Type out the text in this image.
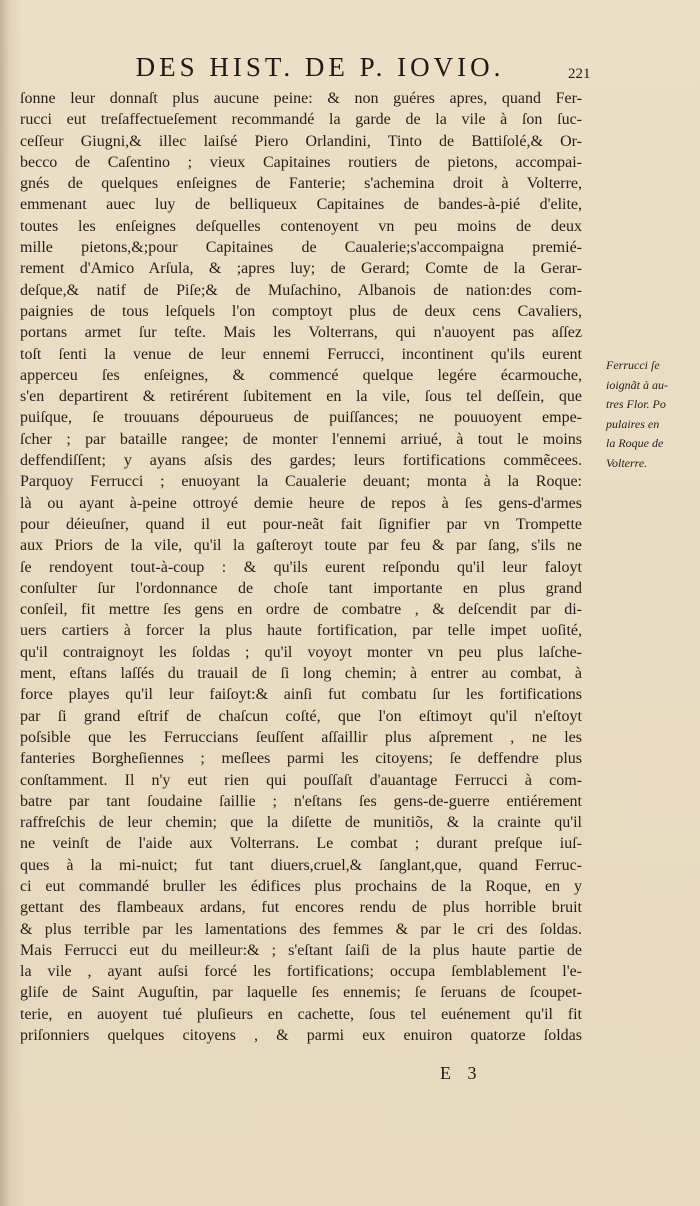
DES HIST. DE P. IOVIO.	221
ſonne leur donnaſt plus aucune peine: & non guéres apres, quand Fer-
rucci eut treſaffectueſement recommandé la garde de la vile à ſon ſuc-
ceſſeur Giugni,& illec laiſsé Piero Orlandini, Tinto de Battiſolé,& Or-
becco de Caſentino ; vieux Capitaines routiers de pietons, accompai-
gnés de quelques enſeignes de Fanterie; s'achemina droit à Volterre,
emmenant auec luy de belliqueux Capitaines de bandes-à-pié d'elite,
toutes les enſeignes deſquelles contenoyent vn peu moins de deux
mille pietons,&;pour Capitaines de Caualerie;s'accompaigna premié-
rement d'Amico Arſula, & ;apres luy; de Gerard; Comte de la Gerar-
deſque,& natif de Piſe;& de Muſachino, Albanois de nation:des com-
paignies de tous leſquels l'on comptoyt plus de deux cens Cavaliers,
portans armet ſur teſte. Mais les Volterrans, qui n'auoyent pas aſſez
toſt ſenti la venue de leur ennemi Ferrucci, incontinent qu'ils eurent
apperceu ſes enſeignes, & commencé quelque legére écarmouche,
s'en departirent & retirérent ſubitement en la vile, ſous tel deſſein, que
puiſque, ſe trouuans dépourueus de puiſſances; ne pouuoyent empe-
ſcher ; par bataille rangee; de monter l'ennemi arriué, à tout le moins
deffendiſſent; y ayans aſsis des gardes; leurs fortifications commẽcees.
Parquoy Ferrucci ; enuoyant la Caualerie deuant; monta à la Roque:
là ou ayant à-peine ottroyé demie heure de repos à ſes gens-d'armes
pour déieuſner, quand il eut pour-neãt fait ſignifier par vn Trompette
aux Priors de la vile, qu'il la gaſteroyt toute par feu & par ſang, s'ils ne
ſe rendoyent tout-à-coup : & qu'ils eurent reſpondu qu'il leur faloyt
conſulter ſur l'ordonnance de choſe tant importante en plus grand
conſeil, fit mettre ſes gens en ordre de combatre , & deſcendit par di-
uers cartiers à forcer la plus haute fortification, par telle impet uoſité,
qu'il contraignoyt les ſoldas ; qu'il voyoyt monter vn peu plus laſche-
ment, eſtans laſſés du trauail de ſi long chemin; à entrer au combat, à
force playes qu'il leur faiſoyt:& ainſi fut combatu ſur les fortifications
par ſi grand eſtrif de chaſcun coſté, que l'on eſtimoyt qu'il n'eſtoyt
poſsible que les Ferruccians ſeuſſent aſſaillir plus aſprement , ne les
fanteries Borgheſiennes ; meſlees parmi les citoyens; ſe deffendre plus
conſtamment. Il n'y eut rien qui pouſſaſt d'auantage Ferrucci à com-
batre par tant ſoudaine ſaillie ; n'eſtans ſes gens-de-guerre entiérement
raffreſchis de leur chemin; que la diſette de munitiõs, & la crainte qu'il
ne veinſt de l'aide aux Volterrans. Le combat ; durant preſque iuſ-
ques à la mi-nuict; fut tant diuers,cruel,& ſanglant,que, quand Ferruc-
ci eut commandé bruller les édifices plus prochains de la Roque, en y
gettant des flambeaux ardans, fut encores rendu de plus horrible bruit
& plus terrible par les lamentations des femmes & par le cri des ſoldas.
Mais Ferrucci eut du meilleur:& ; s'eſtant ſaiſi de la plus haute partie de
la vile , ayant auſsi forcé les fortifications; occupa ſemblablement l'e-
gliſe de Saint Auguſtin, par laquelle ſes ennemis; ſe ſeruans de ſcoupet-
terie, en auoyent tué pluſieurs en cachette, ſous tel euénement qu'il fit
priſonniers quelques citoyens , & parmi eux enuiron quatorze ſoldas
Ferrucci ſe
ioignãt à au-
tres Flor. Po
pulaires en
la Roque de
Volterre.
E 3
